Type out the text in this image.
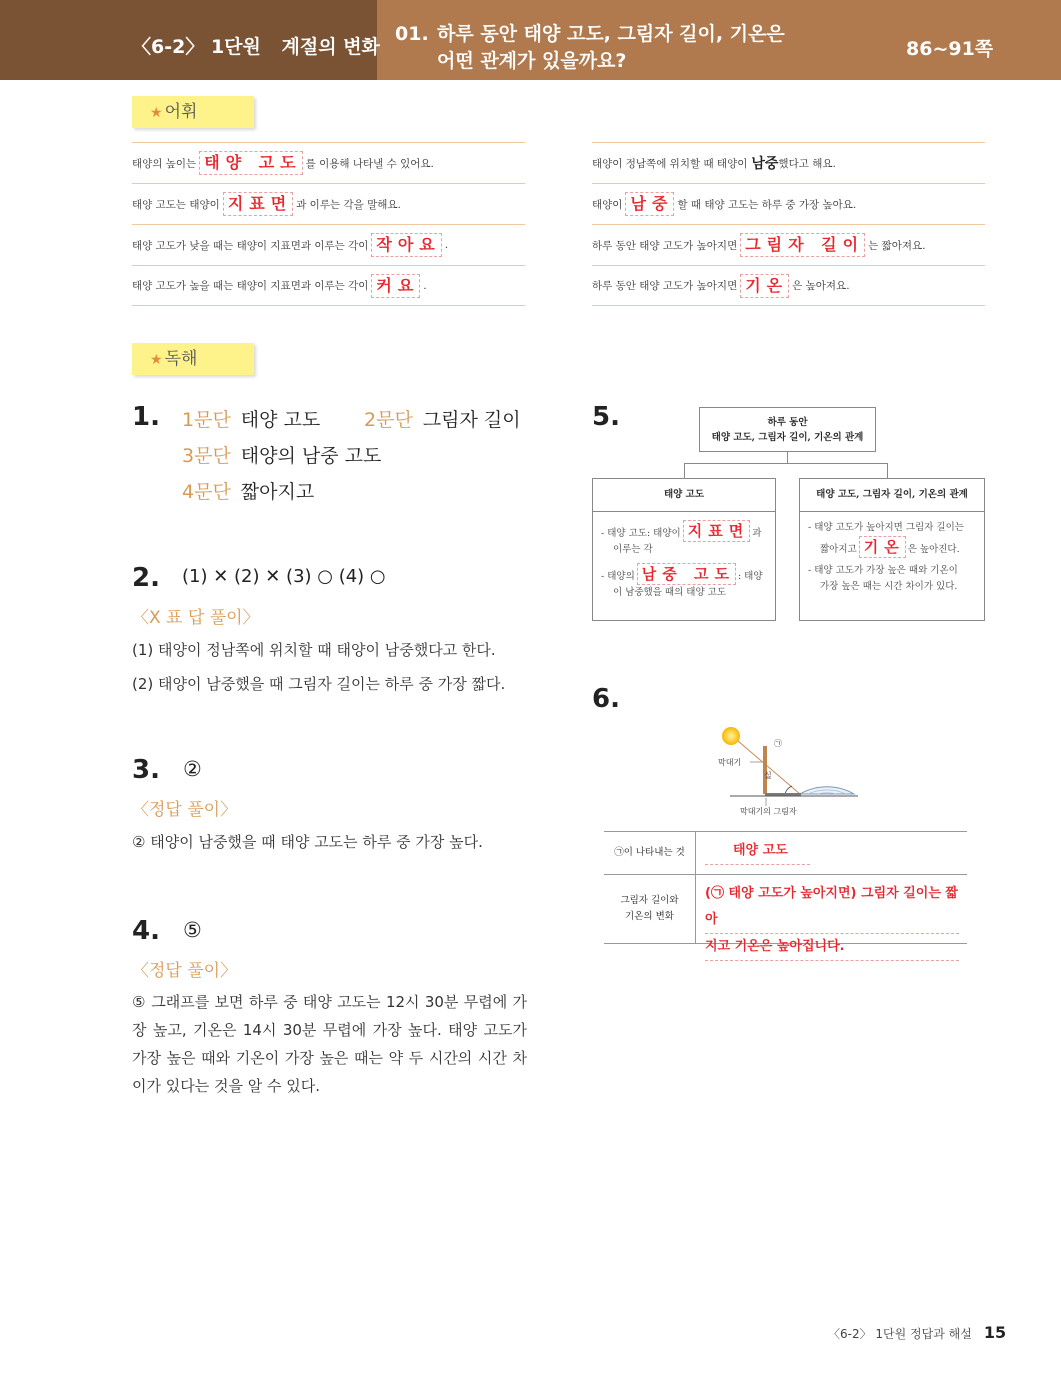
〈6-2〉 1단원 계절의 변화
01. 하루 동안 태양 고도, 그림자 길이, 기온은
어떤 관계가 있을까요?
86~91쪽
★ 어휘
태양의 높이는 태양 고도 를 이용해 나타낼 수 있어요.
태양 고도는 태양이 지표면 과 이루는 각을 말해요.
태양 고도가 낮을 때는 태양이 지표면과 이루는 각이 작아요 .
태양 고도가 높을 때는 태양이 지표면과 이루는 각이 커요 .
태양이 정남쪽에 위치할 때 태양이 남중 했다고 해요.
태양이 남중 할 때 태양 고도는 하루 중 가장 높아요.
하루 동안 태양 고도가 높아지면 그림자 길이 는 짧아져요.
하루 동안 태양 고도가 높아지면 기온 은 높아져요.
★ 독해
1. 1문단 태양 고도 2문단 그림자 길이
3문단 태양의 남중 고도
4문단 짧아지고
2. (1) ✕ (2) ✕ (3) ○ (4) ○
〈X 표 답 풀이〉
(1) 태양이 정남쪽에 위치할 때 태양이 남중했다고 한다.
(2) 태양이 남중했을 때 그림자 길이는 하루 중 가장 짧다.
3. ②
〈정답 풀이〉
② 태양이 남중했을 때 태양 고도는 하루 중 가장 높다.
4. ⑤
〈정답 풀이〉
⑤ 그래프를 보면 하루 중 태양 고도는 12시 30분 무렵에 가장 높고, 기온은 14시 30분 무렵에 가장 높다. 태양 고도가 가장 높은 때와 기온이 가장 높은 때는 약 두 시간의 시간 차이가 있다는 것을 알 수 있다.
5.	하루 동안
태양 고도, 그림자 길이, 기온의 관계
태양 고도

- 태양 고도: 태양이 지표면 과
이루는 각

- 태양의 남중 고도 : 태양
이 남중했을 때의 태양 고도

태양 고도, 그림자 길이, 기온의 관계

- 태양 고도가 높아지면 그림자 길이는
짧아지고 기온 은 높아진다.

- 태양 고도가 가장 높은 때와 기온이
가장 높은 때는 시간 차이가 있다.

6.
막대기
실
㉠
막대기의 그림자
㉠이 나타내는 것	태양 고도
그림자 길이와
기온의 변화
(㉠ 태양 고도가 높아지면) 그림자 길이는 짧아
지고 기온은 높아집니다.
〈6-2〉 1단원 정답과 해설 15
